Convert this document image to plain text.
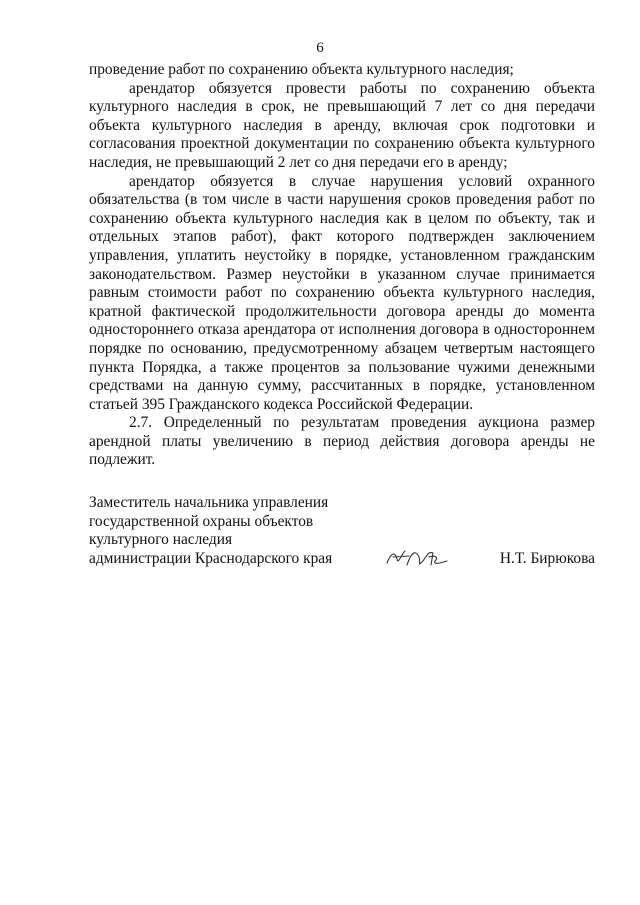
6

проведение работ по сохранению объекта культурного наследия;

арендатор обязуется провести работы по сохранению объекта культурного наследия в срок, не превышающий 7 лет со дня передачи объекта культурного наследия в аренду, включая срок подготовки и согласования проектной документации по сохранению объекта культурного наследия, не превышающий 2 лет со дня передачи его в аренду;

арендатор обязуется в случае нарушения условий охранного обязательства (в том числе в части нарушения сроков проведения работ по сохранению объекта культурного наследия как в целом по объекту, так и отдельных этапов работ), факт которого подтвержден заключением управления, уплатить неустойку в порядке, установленном гражданским законодательством. Размер неустойки в указанном случае принимается равным стоимости работ по сохранению объекта культурного наследия, кратной фактической продолжительности договора аренды до момента одностороннего отказа арендатора от исполнения договора в одностороннем порядке по основанию, предусмотренному абзацем четвертым настоящего пункта Порядка, а также процентов за пользование чужими денежными средствами на данную сумму, рассчитанных в порядке, установленном статьей 395 Гражданского кодекса Российской Федерации.

2.7. Определенный по результатам проведения аукциона размер арендной платы увеличению в период действия договора аренды не подлежит.

Заместитель начальника управления
государственной охраны объектов
культурного наследия
администрации Краснодарского края	Н.Т. Бирюкова
